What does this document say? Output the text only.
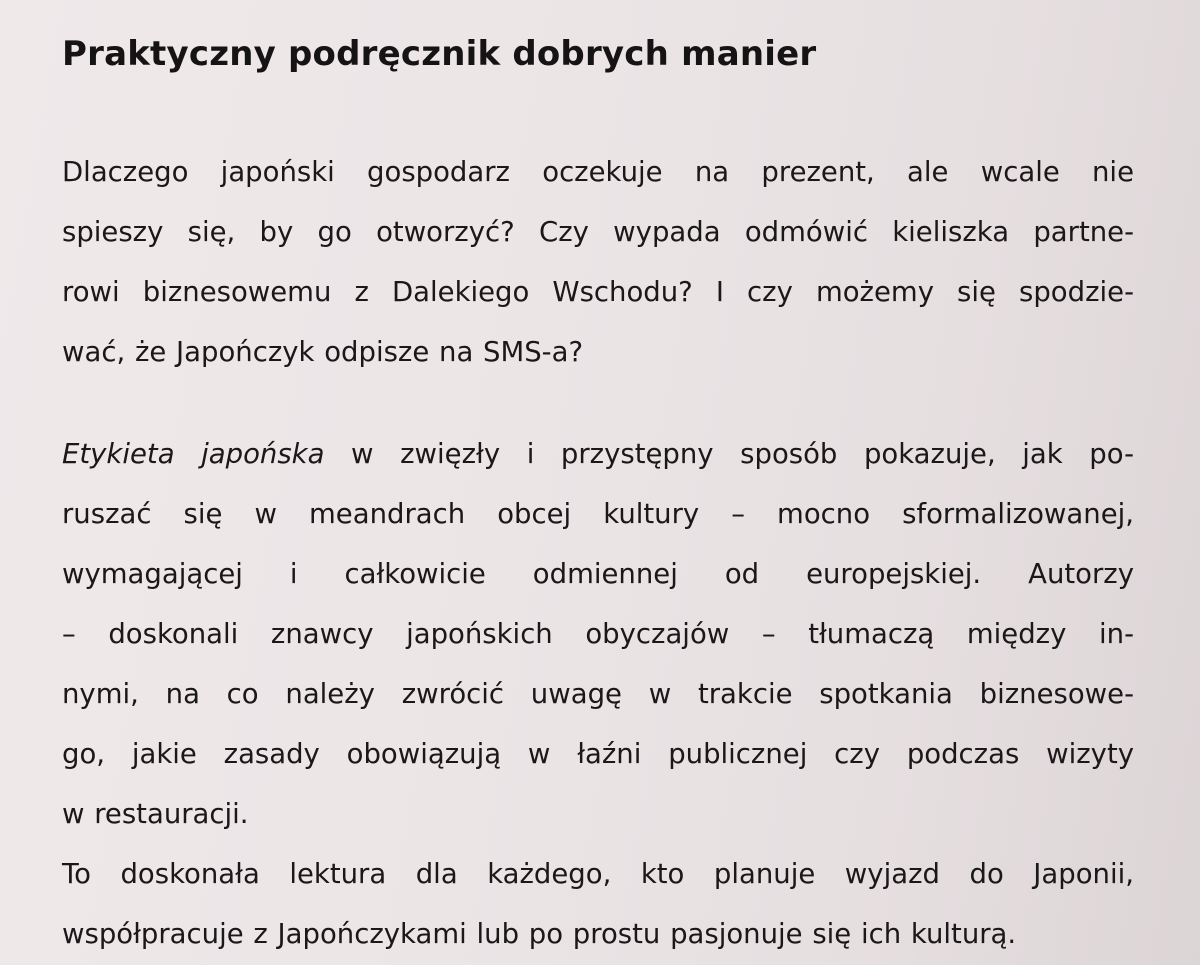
Praktyczny podręcznik dobrych manier
Dlaczego japoński gospodarz oczekuje na prezent, ale wcale nie
spieszy się, by go otworzyć? Czy wypada odmówić kieliszka partne-
rowi biznesowemu z Dalekiego Wschodu? I czy możemy się spodzie-
wać, że Japończyk odpisze na SMS-a?
Etykieta japońska w zwięzły i przystępny sposób pokazuje, jak po-
ruszać się w meandrach obcej kultury – mocno sformalizowanej,
wymagającej i całkowicie odmiennej od europejskiej. Autorzy
– doskonali znawcy japońskich obyczajów – tłumaczą między in-
nymi, na co należy zwrócić uwagę w trakcie spotkania biznesowe-
go, jakie zasady obowiązują w łaźni publicznej czy podczas wizyty
w restauracji.
To doskonała lektura dla każdego, kto planuje wyjazd do Japonii,
współpracuje z Japończykami lub po prostu pasjonuje się ich kulturą.
